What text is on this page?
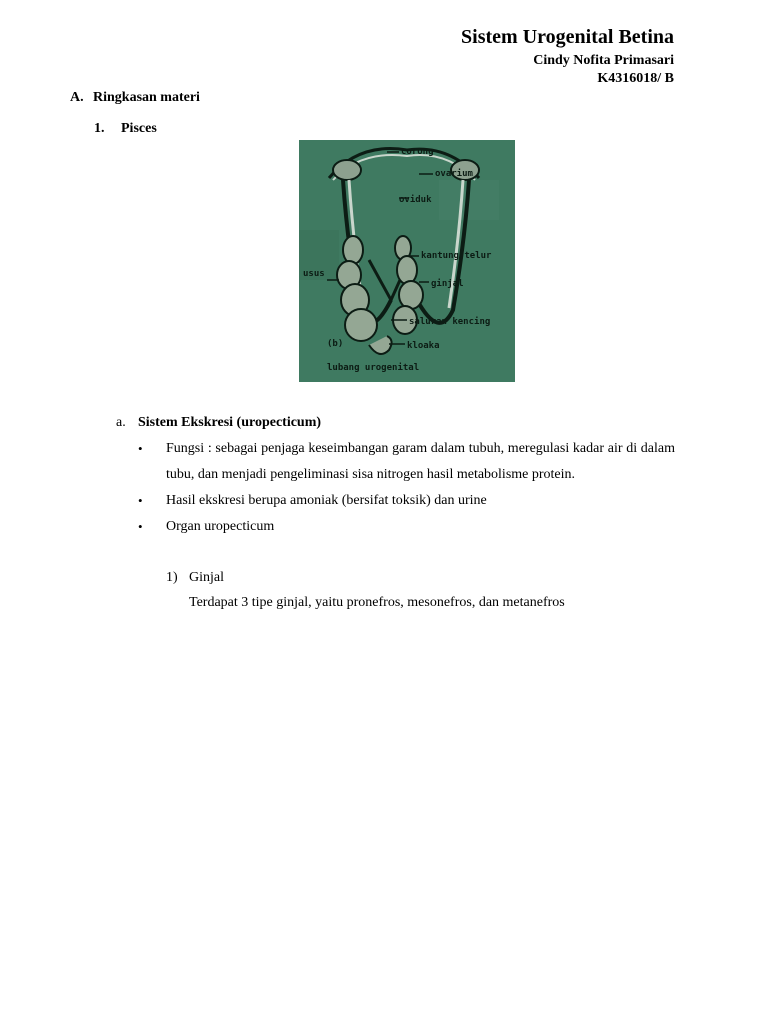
Sistem Urogenital Betina
Cindy Nofita Primasari
K4316018/ B
A. Ringkasan materi
1. Pisces
corong
ovarium
oviduk
kantung telur
usus
ginjal
saluran kencing
(b)	kloaka
lubang urogenital
a. Sistem Ekskresi (uropecticum)
• Fungsi : sebagai penjaga keseimbangan garam dalam tubuh, meregulasi kadar air di dalam tubu, dan menjadi pengeliminasi sisa nitrogen hasil metabolisme protein.
• Hasil ekskresi berupa amoniak (bersifat toksik) dan urine
• Organ uropecticum
1) Ginjal
Terdapat 3 tipe ginjal, yaitu pronefros, mesonefros, dan metanefros
